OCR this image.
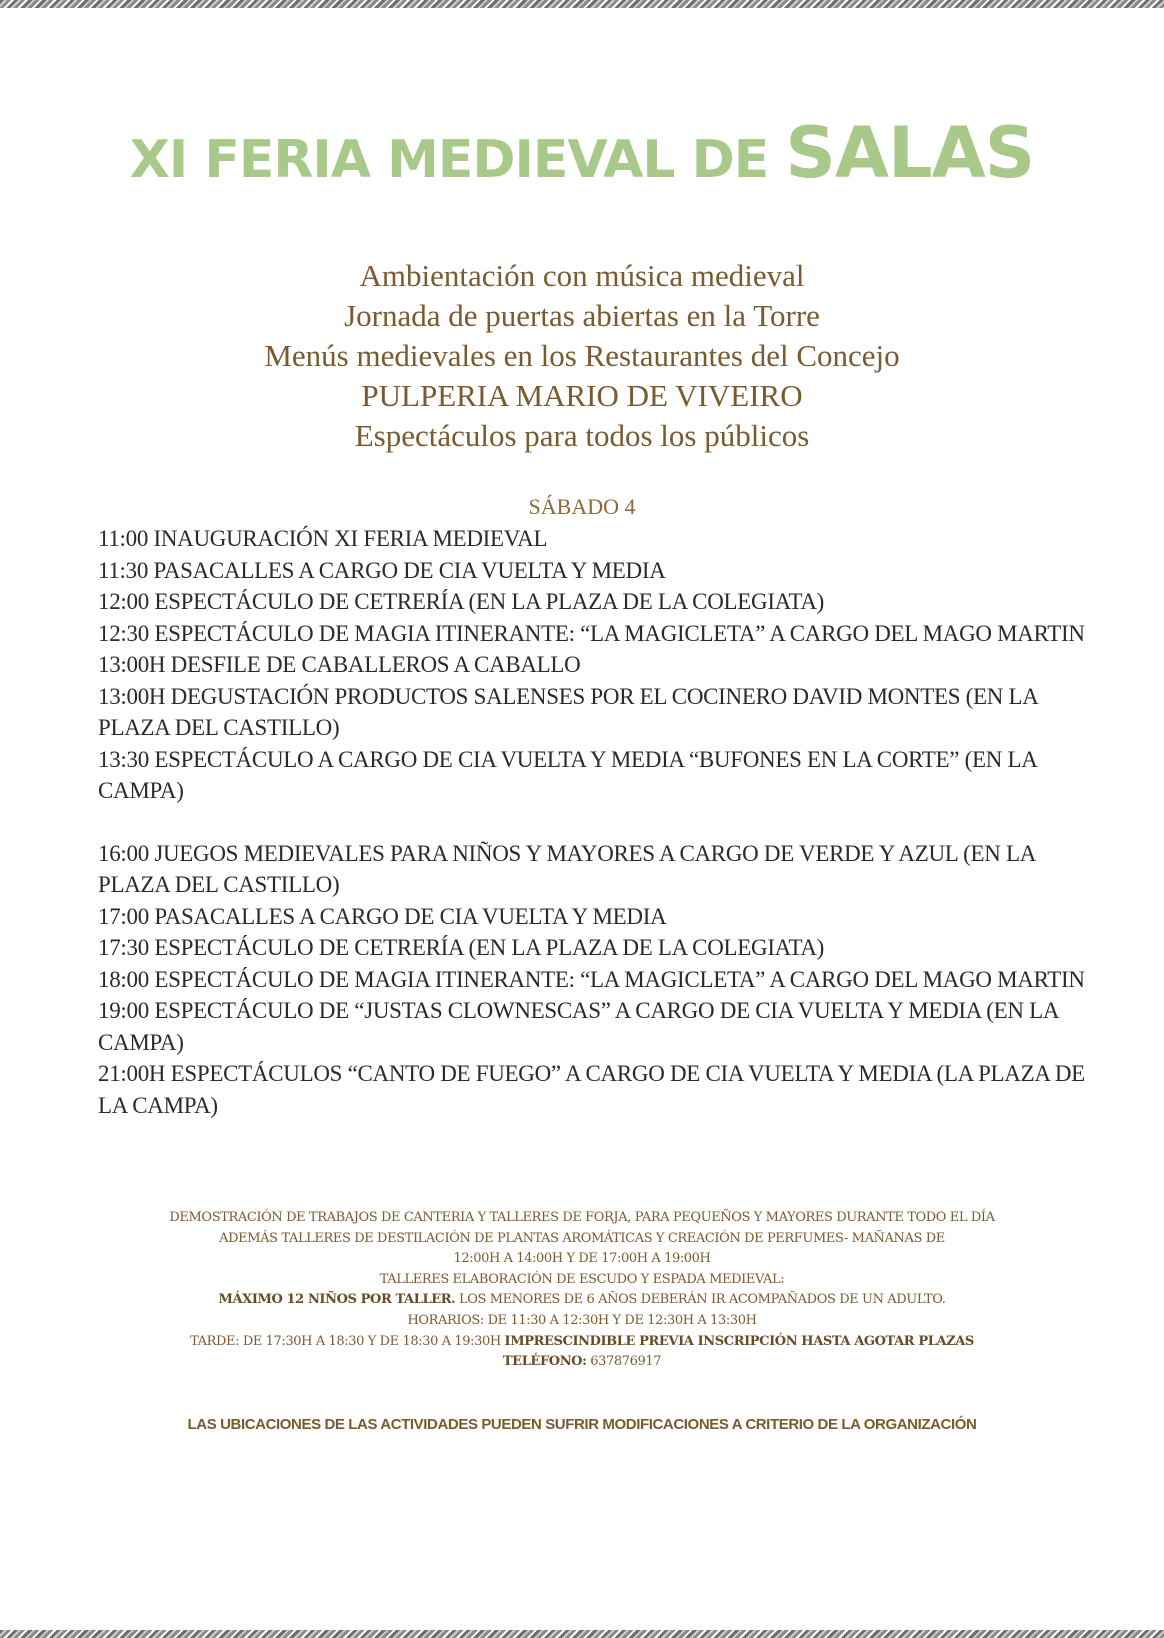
XI FERIA MEDIEVAL DE SALAS
Ambientación con música medieval
Jornada de puertas abiertas en la Torre
Menús medievales en los Restaurantes del Concejo
PULPERIA MARIO DE VIVEIRO
Espectáculos para todos los públicos
SÁBADO 4

11:00 INAUGURACIÓN XI FERIA MEDIEVAL

11:30 PASACALLES A CARGO DE CIA VUELTA Y MEDIA

12:00 ESPECTÁCULO DE CETRERÍA (EN LA PLAZA DE LA COLEGIATA)

12:30 ESPECTÁCULO DE MAGIA ITINERANTE: “LA MAGICLETA” A CARGO DEL MAGO MARTIN

13:00H DESFILE DE CABALLEROS A CABALLO

13:00H DEGUSTACIÓN PRODUCTOS SALENSES POR EL COCINERO DAVID MONTES (EN LA PLAZA DEL CASTILLO)

13:30 ESPECTÁCULO A CARGO DE CIA VUELTA Y MEDIA “BUFONES EN LA CORTE” (EN LA CAMPA)

16:00 JUEGOS MEDIEVALES PARA NIÑOS Y MAYORES A CARGO DE VERDE Y AZUL (EN LA PLAZA DEL CASTILLO)

17:00 PASACALLES A CARGO DE CIA VUELTA Y MEDIA

17:30 ESPECTÁCULO DE CETRERÍA (EN LA PLAZA DE LA COLEGIATA)

18:00 ESPECTÁCULO DE MAGIA ITINERANTE: “LA MAGICLETA” A CARGO DEL MAGO MARTIN

19:00 ESPECTÁCULO DE “JUSTAS CLOWNESCAS” A CARGO DE CIA VUELTA Y MEDIA (EN LA CAMPA)

21:00H ESPECTÁCULOS “CANTO DE FUEGO” A CARGO DE CIA VUELTA Y MEDIA (LA PLAZA DE LA CAMPA)

DEMOSTRACIÓN DE TRABAJOS DE CANTERIA Y TALLERES DE FORJA, PARA PEQUEÑOS Y MAYORES DURANTE TODO EL DÍA
ADEMÁS TALLERES DE DESTILACIÓN DE PLANTAS AROMÁTICAS Y CREACIÓN DE PERFUMES- MAÑANAS DE
12:00H A 14:00H Y DE 17:00H A 19:00H
TALLERES ELABORACIÓN DE ESCUDO Y ESPADA MEDIEVAL:
MÁXIMO 12 NIÑOS POR TALLER. LOS MENORES DE 6 AÑOS DEBERÁN IR ACOMPAÑADOS DE UN ADULTO.
HORARIOS: DE 11:30 A 12:30H Y DE 12:30H A 13:30H
TARDE: DE 17:30H A 18:30 Y DE 18:30 A 19:30H IMPRESCINDIBLE PREVIA INSCRIPCIÓN HASTA AGOTAR PLAZAS
TELÉFONO: 637876917
LAS UBICACIONES DE LAS ACTIVIDADES PUEDEN SUFRIR MODIFICACIONES A CRITERIO DE LA ORGANIZACIÓN
